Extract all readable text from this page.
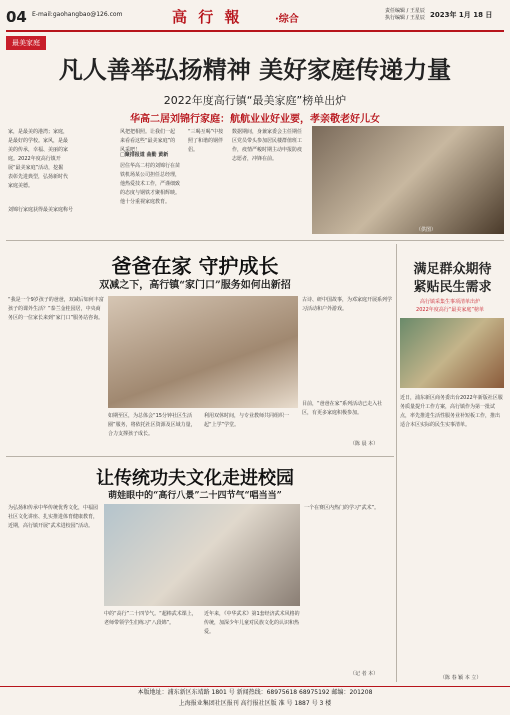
04 E-mail:gaohangbao@126.com	高 行 報	·综合
责任编辑 / 王星辰
执行编辑 / 王星辰 2023年 1月 18 日
最美家庭
凡人善举弘扬精神 美好家庭传递力量
2022年度高行镇“最美家庭”榜单出炉
华高二居刘锦行家庭：航航业业好业要，孝亲敬老好儿女
家，是最美的港湾；家庭，是最好的学校。家风，是最美的传承，幸福、美丽的家庭。2022年度高行镇开展“最美家庭”活动，挖掘表彰先进典型，弘扬新时代家庭美德。
风把把相照。让我们一起来看看这些“最美家庭”的风采吧！
□聚排报道 曲勤 黄新
居住华高二村的刘锦行在苗铁机场某公司担任总经理，他热爱技术工作，严谨细致的态度与钢铁才聚相辉映。他十分重视家庭教育。
“三喝互喝”中按照了和谐的钢伴侣。
数据期间，身兼家委会主任期任区党员带头参加居民楼群值班工作，疫情严峻时期主动申报防疫志愿者，冲锋在前。
（供图）
刘锦行家庭获得最美家庭称号
爸爸在家 守护成长
双减之下，高行镇“家门口”服务如何出新招
“我是一个9岁孩子的爸爸，双减后如何丰富孩子的课外生活？”泰兰金桂园居，中央商务区的一位家长来到“家门口”服务站咨询。
如期至区，为总体会“15分钟社区生活圈”服务，将依托社区资源及区域力量，合力支撑孩子成长。
利用双休时间，与专业教师共同组织一起“上学”学堂。
古诗、研中国故事，为邓家庭开展系列学习活动和户外游戏。
目前，“爸爸在家”系列活动已走入社区，有更多家庭积极参加。
（陈 晨 本）
让传统功夫文化走进校园
萌娃眼中的“高行八景”二十四节气“唱当当”
为弘扬和传承中华传统优秀文化，中福园社区文化讲座、扎实推进体育健康教育，近期，高行镇开展“武术进校园”活动。
中的“高行”二十四节气。“超棒武术课上，老师带领学生们练习“八段锦”。
近年来，《中华武术》第1套经济武术风格的传统，加深少年儿童对民族文化的认识和热爱。
一个在赛区内热门的学习“武术”。
（记 者 本）
满足群众期待
紧贴民生需求
高行镇采集生事项清单出炉
2022年度高行“最美家庭”榜单
近日，浦东新区商务委出台2022年新版社区服务质量提升工作方案，高行镇作为第一批试点，率先推进生活性服务业补短板工作，推出适合本区实际的民生实事清单。
（陈 春 颖 本 立）
本版地址：浦东新区东靖路 1801 号 新闻热线：68975618 68975192 邮编：201208
上海报业集团社区报刊 高行报社区版 准 号 1887 号 3 楼
